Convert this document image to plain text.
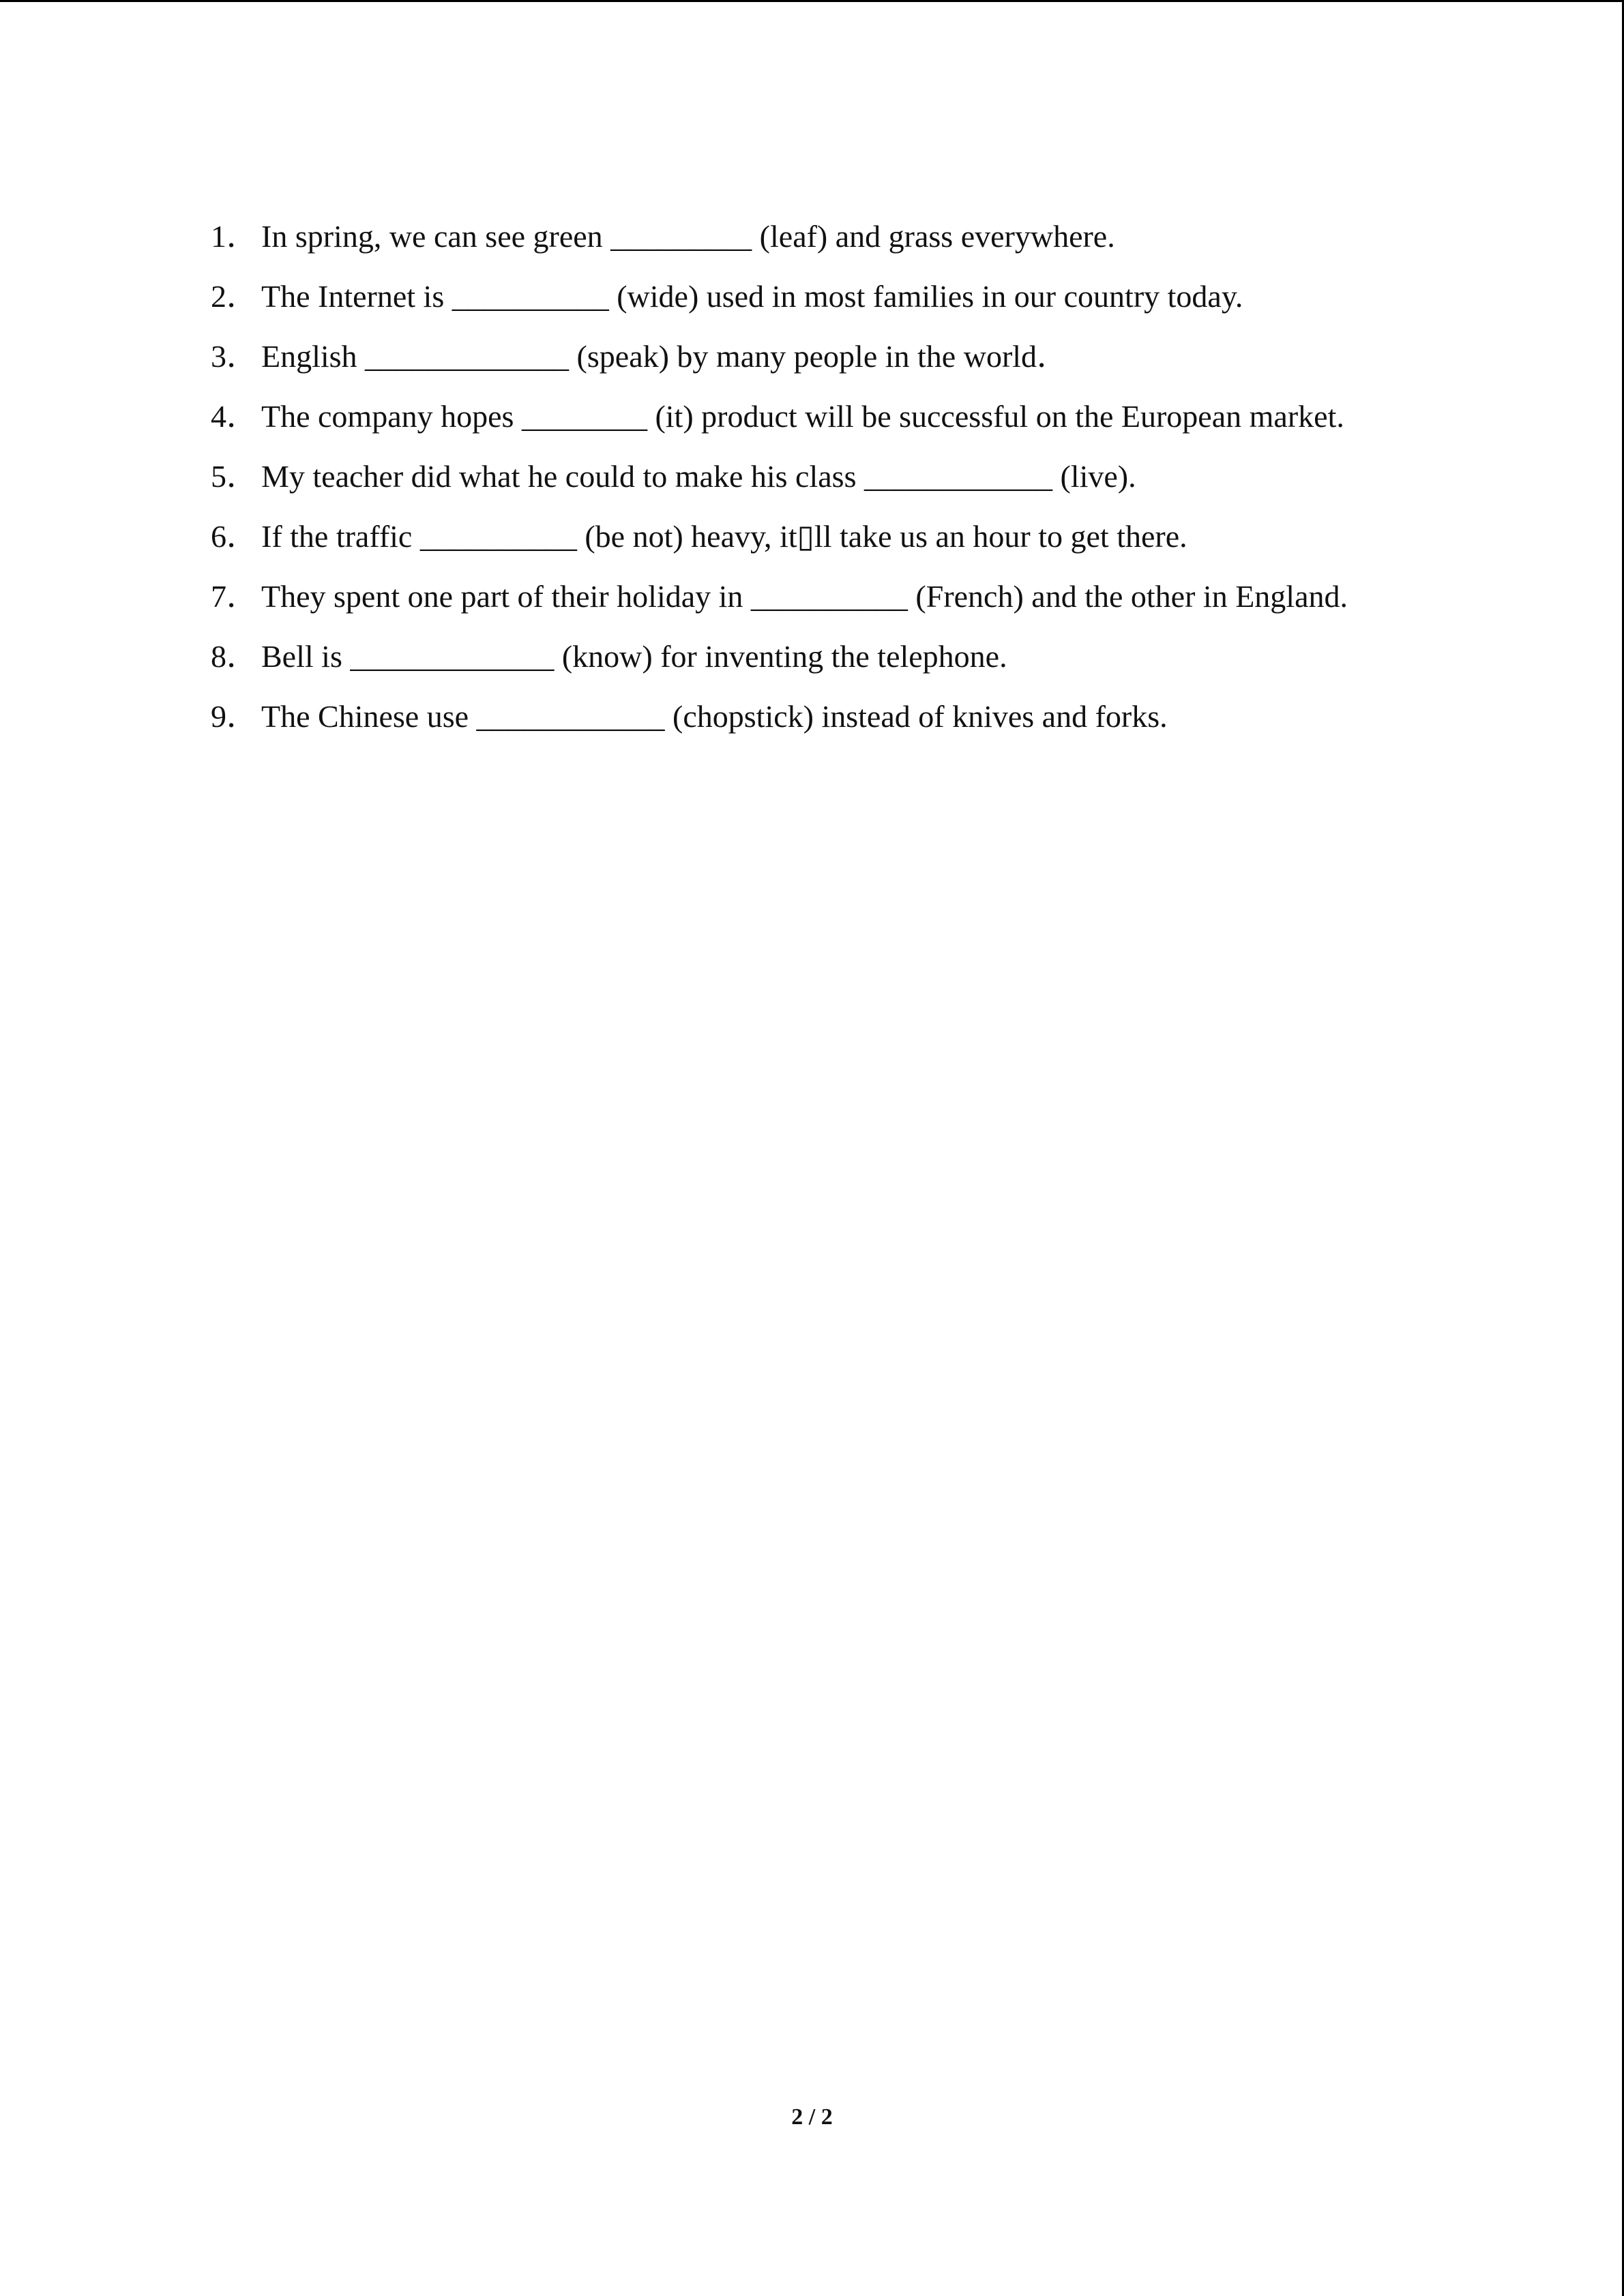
1． In spring, we can see green _________ (leaf) and grass everywhere.
2． The Internet is __________ (wide) used in most families in our country today.
3． English _____________ (speak) by many people in the world．
4． The company hopes ________ (it) product will be successful on the European market.
5． My teacher did what he could to make his class ____________ (live).
6． If the traffic __________ (be not) heavy, it▯ll take us an hour to get there.
7． They spent one part of their holiday in __________ (French) and the other in England.
8． Bell is _____________ (know) for inventing the telephone.
9． The Chinese use ____________ (chopstick) instead of knives and forks.
2 / 2
